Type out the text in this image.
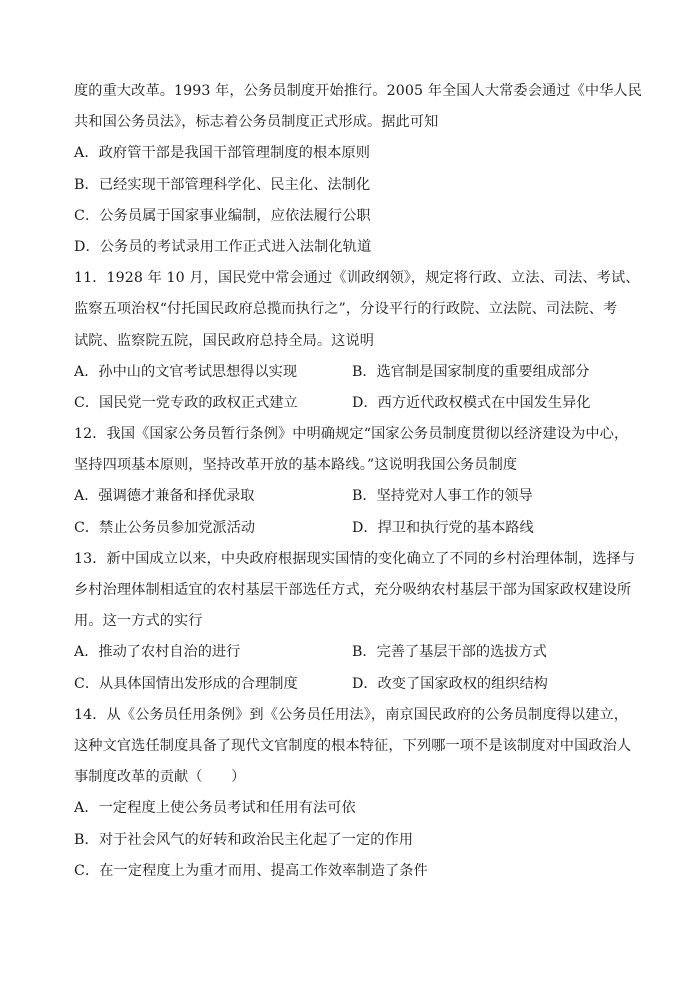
度的重大改革。1993 年，公务员制度开始推行。2005 年全国人大常委会通过《中华人民
共和国公务员法》，标志着公务员制度正式形成。据此可知
A．政府管干部是我国干部管理制度的根本原则
B．已经实现干部管理科学化、民主化、法制化
C．公务员属于国家事业编制，应依法履行公职
D．公务员的考试录用工作正式进入法制化轨道
11．1928 年 10 月，国民党中常会通过《训政纲领》，规定将行政、立法、司法、考试、
监察五项治权“付托国民政府总揽而执行之”，分设平行的行政院、立法院、司法院、考
试院、监察院五院，国民政府总持全局。这说明
A．孙中山的文官考试思想得以实现	B．选官制是国家制度的重要组成部分
C．国民党一党专政的政权正式建立	D．西方近代政权模式在中国发生异化
12．我国《国家公务员暂行条例》中明确规定“国家公务员制度贯彻以经济建设为中心，
坚持四项基本原则，坚持改革开放的基本路线。”这说明我国公务员制度
A．强调德才兼备和择优录取	B．坚持党对人事工作的领导
C．禁止公务员参加党派活动	D．捍卫和执行党的基本路线
13．新中国成立以来，中央政府根据现实国情的变化确立了不同的乡村治理体制，选择与
乡村治理体制相适宜的农村基层干部选任方式，充分吸纳农村基层干部为国家政权建设所
用。这一方式的实行
A．推动了农村自治的进行	B．完善了基层干部的选拔方式
C．从具体国情出发形成的合理制度	D．改变了国家政权的组织结构
14．从《公务员任用条例》到《公务员任用法》，南京国民政府的公务员制度得以建立，
这种文官选任制度具备了现代文官制度的根本特征，下列哪一项不是该制度对中国政治人
事制度改革的贡献（　　）
A．一定程度上使公务员考试和任用有法可依
B．对于社会风气的好转和政治民主化起了一定的作用
C．在一定程度上为重才而用、提高工作效率制造了条件
